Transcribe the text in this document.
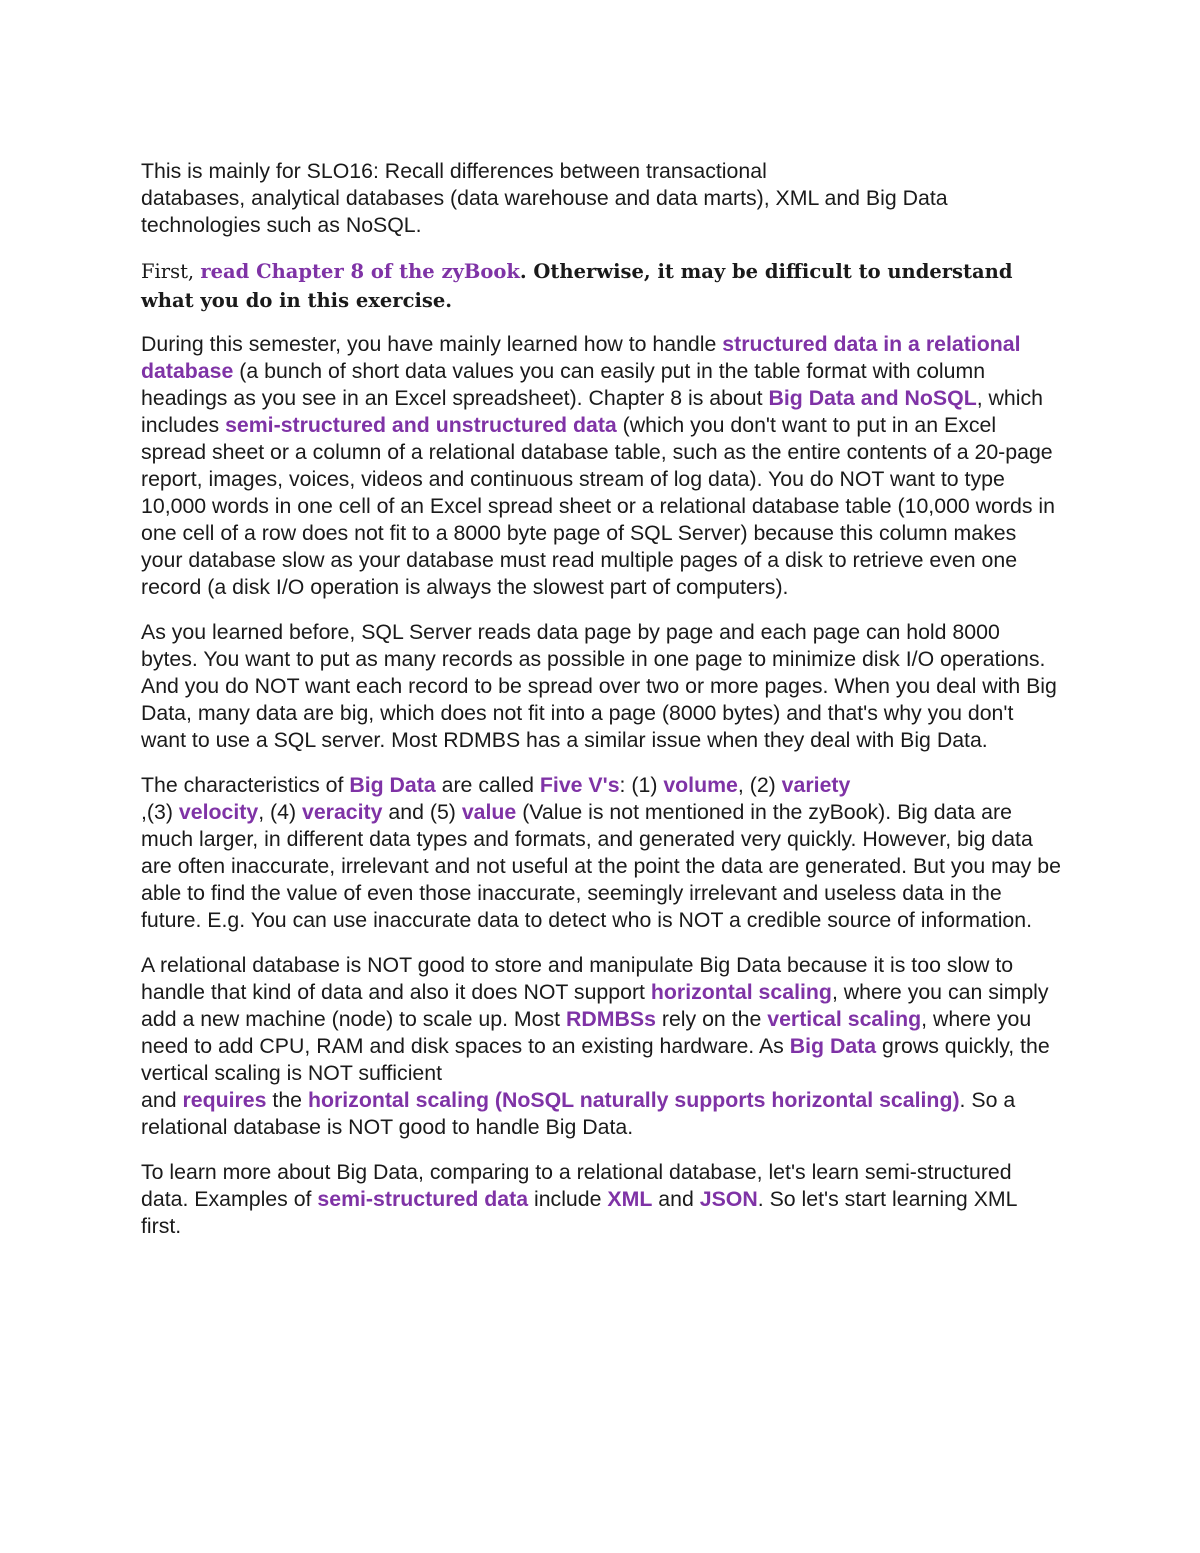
This is mainly for SLO16: Recall differences between transactional
databases, analytical databases (data warehouse and data marts), XML and Big Data technologies such as NoSQL.

First, read Chapter 8 of the zyBook. Otherwise, it may be difficult to understand what you do in this exercise.

During this semester, you have mainly learned how to handle structured data in a relational database (a bunch of short data values you can easily put in the table format with column headings as you see in an Excel spreadsheet). Chapter 8 is about Big Data and NoSQL, which includes semi-structured and unstructured data (which you don't want to put in an Excel spread sheet or a column of a relational database table, such as the entire contents of a 20-page report, images, voices, videos and continuous stream of log data). You do NOT want to type 10,000 words in one cell of an Excel spread sheet or a relational database table (10,000 words in one cell of a row does not fit to a 8000 byte page of SQL Server) because this column makes your database slow as your database must read multiple pages of a disk to retrieve even one record (a disk I/O operation is always the slowest part of computers).

As you learned before, SQL Server reads data page by page and each page can hold 8000 bytes. You want to put as many records as possible in one page to minimize disk I/O operations. And you do NOT want each record to be spread over two or more pages. When you deal with Big Data, many data are big, which does not fit into a page (8000 bytes) and that's why you don't want to use a SQL server. Most RDMBS has a similar issue when they deal with Big Data.

The characteristics of Big Data are called Five V's: (1) volume, (2) variety
,(3) velocity, (4) veracity and (5) value (Value is not mentioned in the zyBook). Big data are much larger, in different data types and formats, and generated very quickly. However, big data are often inaccurate, irrelevant and not useful at the point the data are generated. But you may be able to find the value of even those inaccurate, seemingly irrelevant and useless data in the future. E.g. You can use inaccurate data to detect who is NOT a credible source of information.

A relational database is NOT good to store and manipulate Big Data because it is too slow to handle that kind of data and also it does NOT support horizontal scaling, where you can simply add a new machine (node) to scale up. Most RDMBSs rely on the vertical scaling, where you need to add CPU, RAM and disk spaces to an existing hardware. As Big Data grows quickly, the vertical scaling is NOT sufficient
and requires the horizontal scaling (NoSQL naturally supports horizontal scaling). So a relational database is NOT good to handle Big Data.

To learn more about Big Data, comparing to a relational database, let's learn semi-structured data. Examples of semi-structured data include XML and JSON. So let's start learning XML first.
